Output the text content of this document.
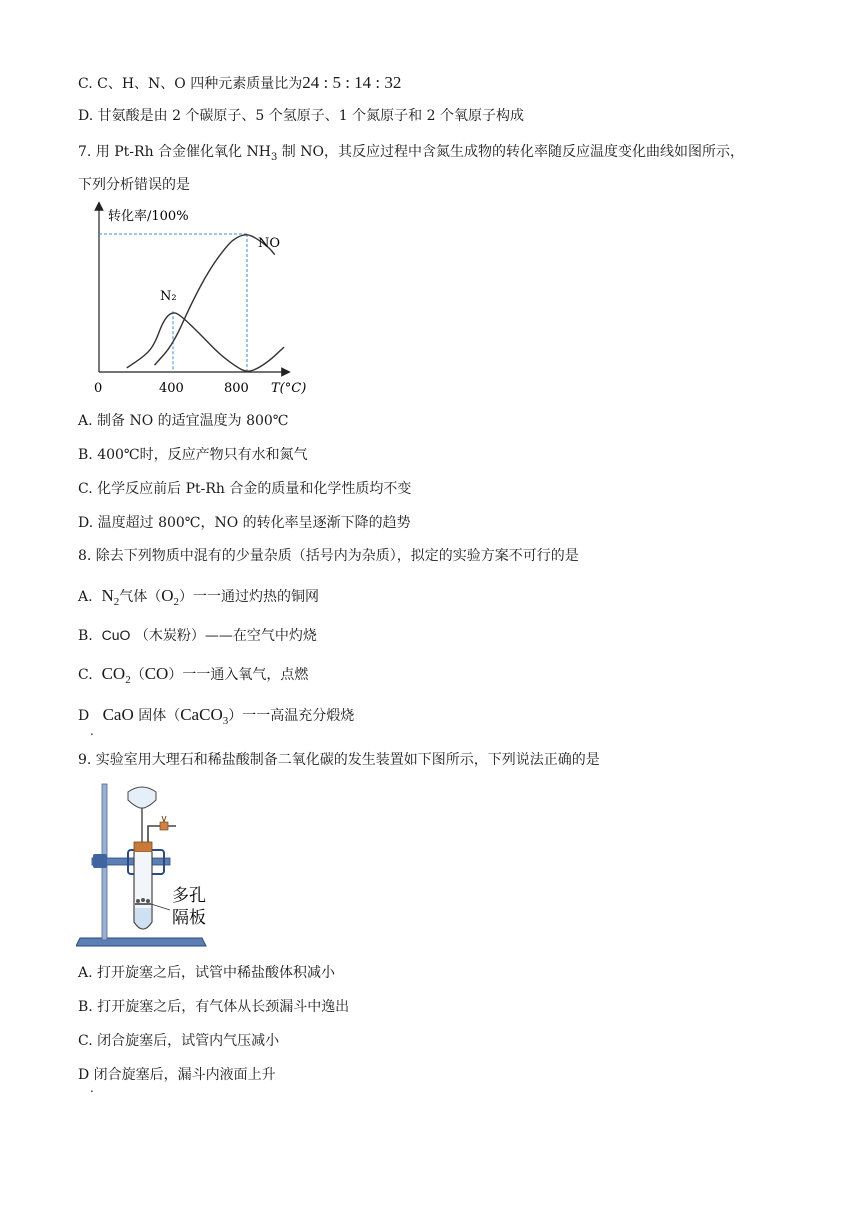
C. C、H、N、O 四种元素质量比为24 : 5 : 14 : 32
D. 甘氨酸是由 2 个碳原子、5 个氢原子、1 个氮原子和 2 个氧原子构成
7. 用 Pt-Rh 合金催化氧化 $NH_3$ 制 NO，其反应过程中含氮生成物的转化率随反应温度变化曲线如图所示，
下列分析错误的是
转化率/100%
0	400	800 T(°C)
N₂
NO
A. 制备 NO 的适宜温度为 800℃
B. 400℃时，反应产物只有水和氮气
C. 化学反应前后 Pt-Rh 合金的质量和化学性质均不变
D. 温度超过 800℃，NO 的转化率呈逐渐下降的趋势
8. 除去下列物质中混有的少量杂质（括号内为杂质），拟定的实验方案不可行的是
A. $N_2$气体$(O_2)$一一通过灼热的铜网
B. CuO （木炭粉）——在空气中灼烧
C. $CO_2(CO)$一一通入氧气，点燃
D CaO 固体（CaCO$_3$）一一高温充分煅烧
.
9. 实验室用大理石和稀盐酸制备二氧化碳的发生装置如下图所示，下列说法正确的是
多孔
隔板
A. 打开旋塞之后，试管中稀盐酸体积减小
B. 打开旋塞之后，有气体从长颈漏斗中逸出
C. 闭合旋塞后，试管内气压减小
D 闭合旋塞后，漏斗内液面上升
.
